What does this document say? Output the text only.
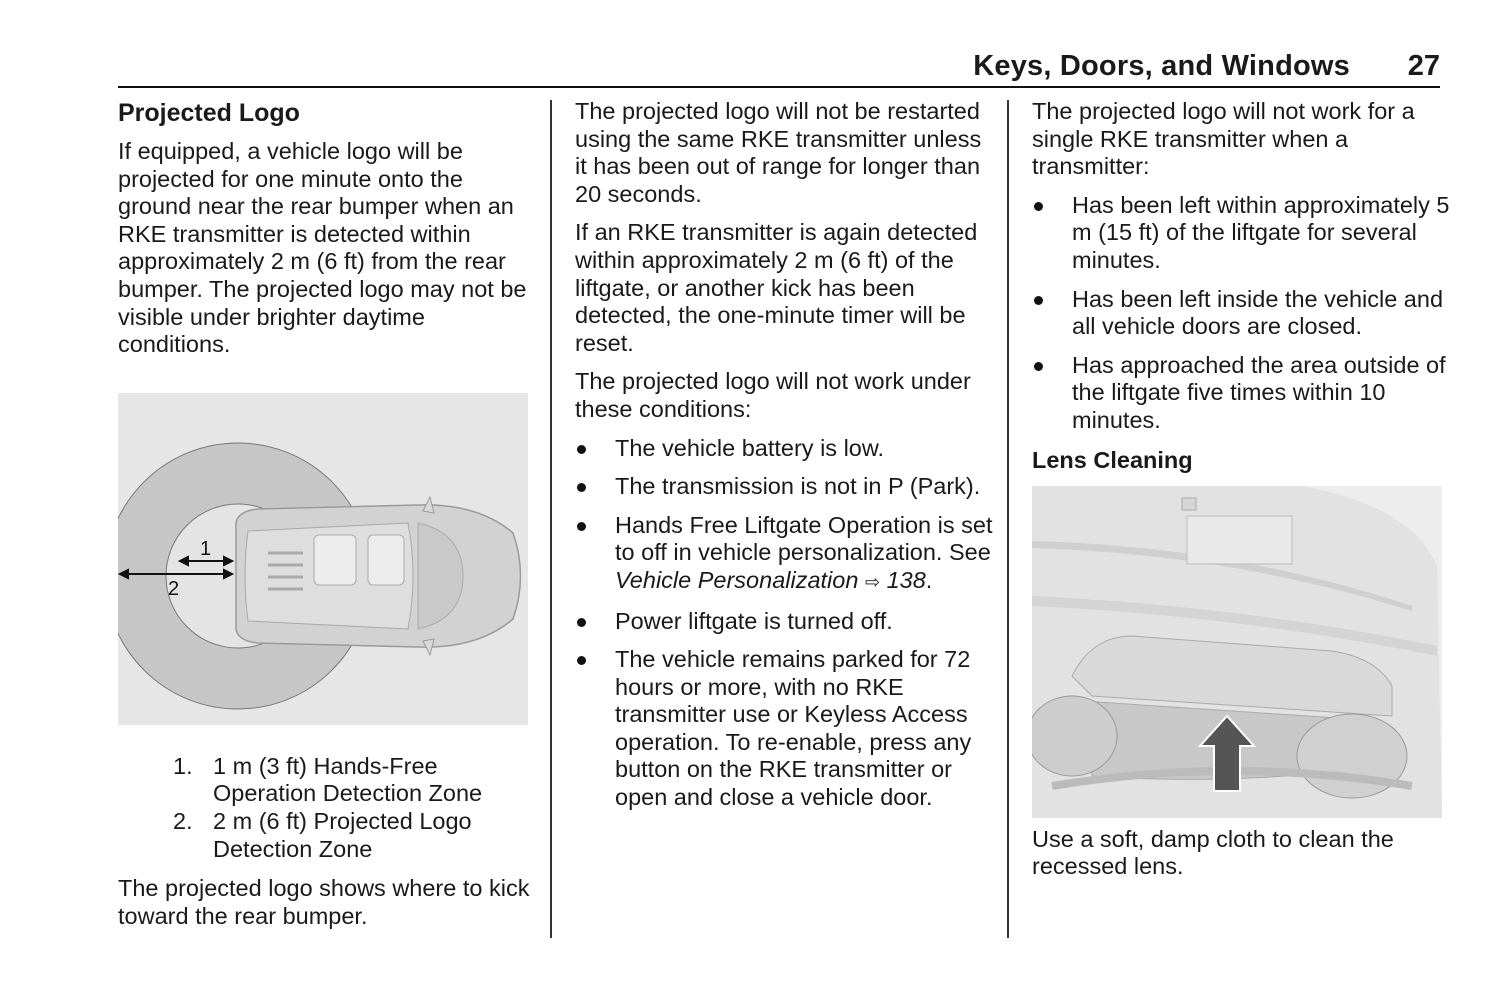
Keys, Doors, and Windows 27
Projected Logo

If equipped, a vehicle logo will be projected for one minute onto the ground near the rear bumper when an RKE transmitter is detected within approximately 2 m (6 ft) from the rear bumper. The projected logo may not be visible under brighter daytime conditions.

1
2
1. 1 m (3 ft) Hands-Free Operation Detection Zone
2. 2 m (6 ft) Projected Logo Detection Zone

The projected logo shows where to kick toward the rear bumper.

The projected logo will not be restarted using the same RKE transmitter unless it has been out of range for longer than 20 seconds.

If an RKE transmitter is again detected within approximately 2 m (6 ft) of the liftgate, or another kick has been detected, the one-minute timer will be reset.

The projected logo will not work under these conditions:

The vehicle battery is low.
The transmission is not in P (Park).
Hands Free Liftgate Operation is set to off in vehicle personalization. See Vehicle Personalization ⇨ 138.
Power liftgate is turned off.
The vehicle remains parked for 72 hours or more, with no RKE transmitter use or Keyless Access operation. To re-enable, press any button on the RKE transmitter or open and close a vehicle door.

The projected logo will not work for a single RKE transmitter when a transmitter:

Has been left within approximately 5 m (15 ft) of the liftgate for several minutes.
Has been left inside the vehicle and all vehicle doors are closed.
Has approached the area outside of the liftgate five times within 10 minutes.
Lens Cleaning

Use a soft, damp cloth to clean the recessed lens.
